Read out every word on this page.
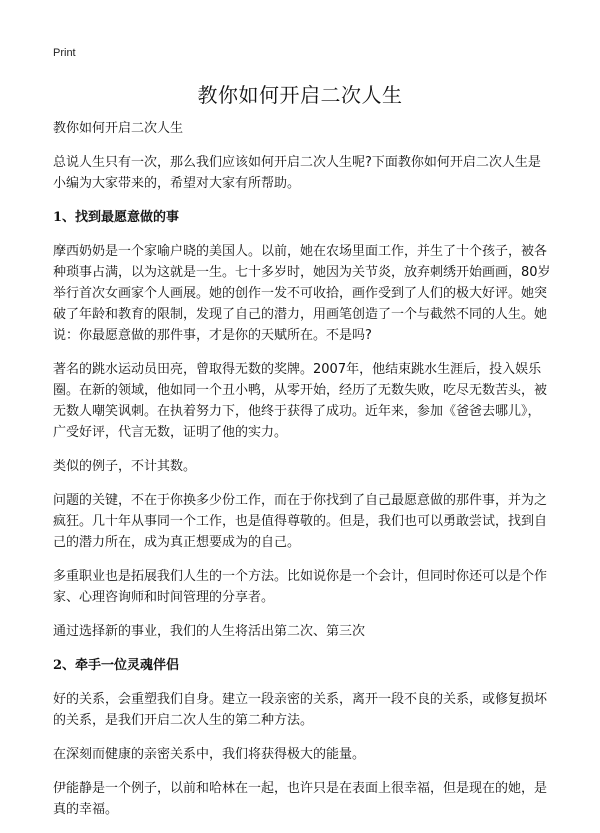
Print
教你如何开启二次人生

教你如何开启二次人生

总说人生只有一次，那么我们应该如何开启二次人生呢?下面教你如何开启二次人生是小编为大家带来的，希望对大家有所帮助。

1、找到最愿意做的事

摩西奶奶是一个家喻户晓的美国人。以前，她在农场里面工作，并生了十个孩子，被各种琐事占满，以为这就是一生。七十多岁时，她因为关节炎，放弃刺绣开始画画，80岁举行首次女画家个人画展。她的创作一发不可收拾，画作受到了人们的极大好评。她突破了年龄和教育的限制，发现了自己的潜力，用画笔创造了一个与截然不同的人生。她说：你最愿意做的那件事，才是你的天赋所在。不是吗?

著名的跳水运动员田亮，曾取得无数的奖牌。2007年，他结束跳水生涯后，投入娱乐圈。在新的领域，他如同一个丑小鸭，从零开始，经历了无数失败，吃尽无数苦头，被无数人嘲笑讽刺。在执着努力下，他终于获得了成功。近年来，参加《爸爸去哪儿》，广受好评，代言无数，证明了他的实力。

类似的例子，不计其数。

问题的关键，不在于你换多少份工作，而在于你找到了自己最愿意做的那件事，并为之疯狂。几十年从事同一个工作，也是值得尊敬的。但是，我们也可以勇敢尝试，找到自己的潜力所在，成为真正想要成为的自己。

多重职业也是拓展我们人生的一个方法。比如说你是一个会计，但同时你还可以是个作家、心理咨询师和时间管理的分享者。

通过选择新的事业，我们的人生将活出第二次、第三次

2、牵手一位灵魂伴侣

好的关系，会重塑我们自身。建立一段亲密的关系，离开一段不良的关系，或修复损坏的关系，是我们开启二次人生的第二种方法。

在深刻而健康的亲密关系中，我们将获得极大的能量。

伊能静是一个例子，以前和哈林在一起，也许只是在表面上很幸福，但是现在的她，是真的幸福。
